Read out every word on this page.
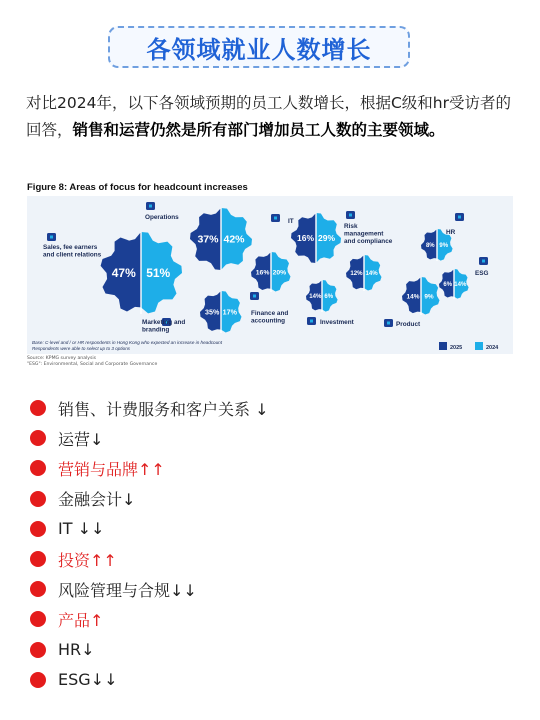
各领域就业人数增长
对比2024年，以下各领域预期的员工人数增长，根据C级和hr受访者的回答，销售和运营仍然是所有部门增加员工人数的主要领域。
Figure 8: Areas of focus for headcount increases
47% 51%
37% 42%
35% 17%
16% 29%
16% 20%	12% 14%
14% 6%	14% 9%
8% 9%
6% 14%
Sales, fee earners
and client relations
Operations
Marketing and
branding
IT
Finance and
accounting
Risk
management
and compliance
Investment	Product
HR
ESG
Base: C-level and / or HR respondents in Hong Kong who expected an increase in headcount
Respondents were able to select up to 3 options	2025	2024
Source: KPMG survey analysis
"ESG": Environmental, Social and Corporate Governance
销售、计费服务和客户关系 ↓
运营↓
营销与品牌↑↑
金融会计↓
IT ↓↓
投资↑↑
风险管理与合规↓↓
产品↑
HR↓
ESG↓↓
